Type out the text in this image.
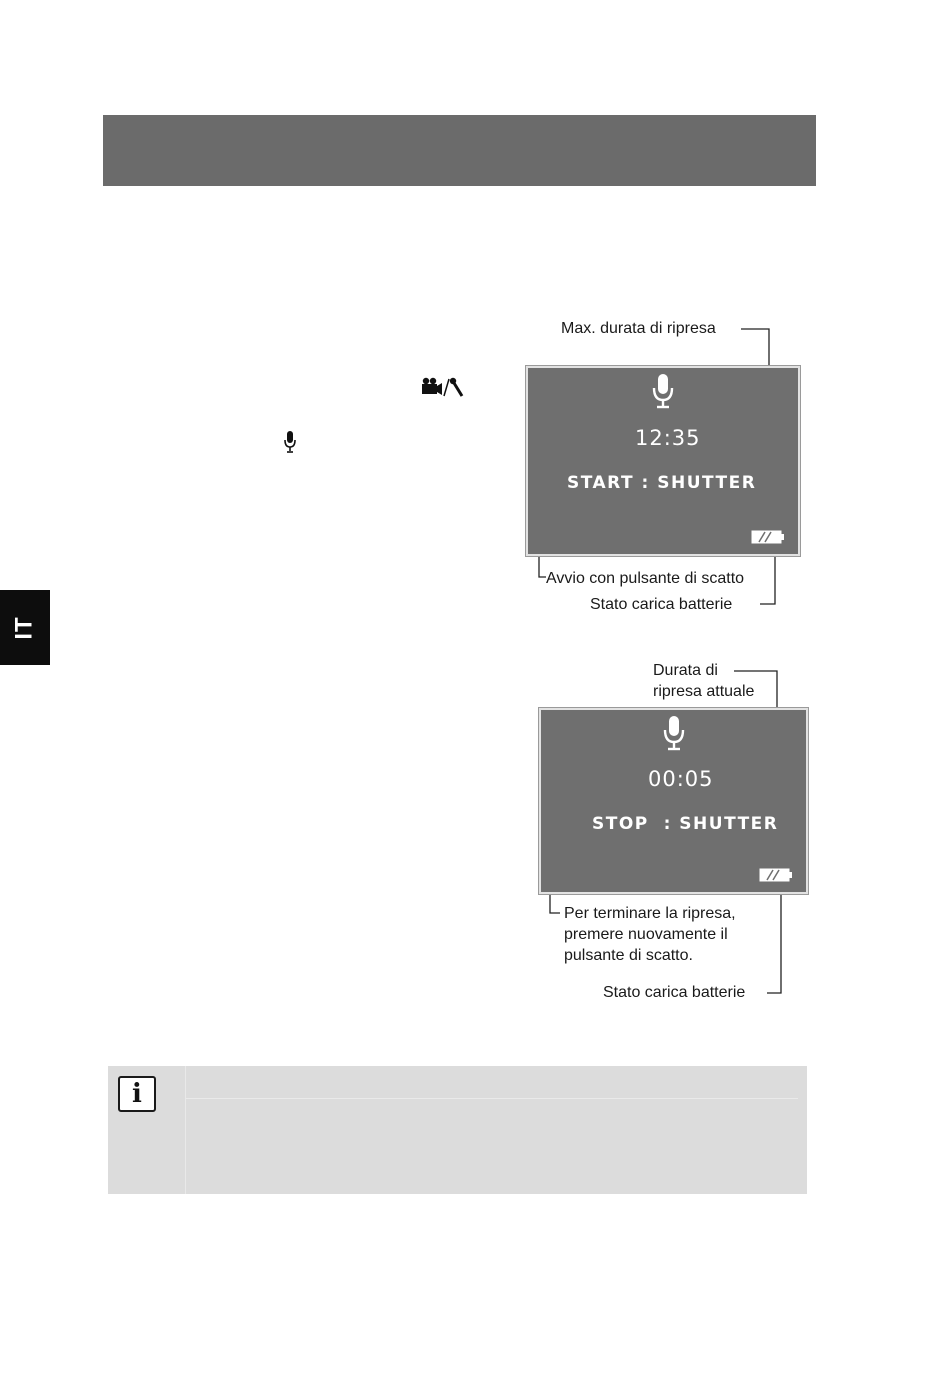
IT
12:35
START : SHUTTER
Max. durata di ripresa
Avvio con pulsante di scatto
Stato carica batterie
00:05
STOP  : SHUTTER
Durata di
ripresa attuale
Per terminare la ripresa,
premere nuovamente il
pulsante di scatto.
Stato carica batterie
i
